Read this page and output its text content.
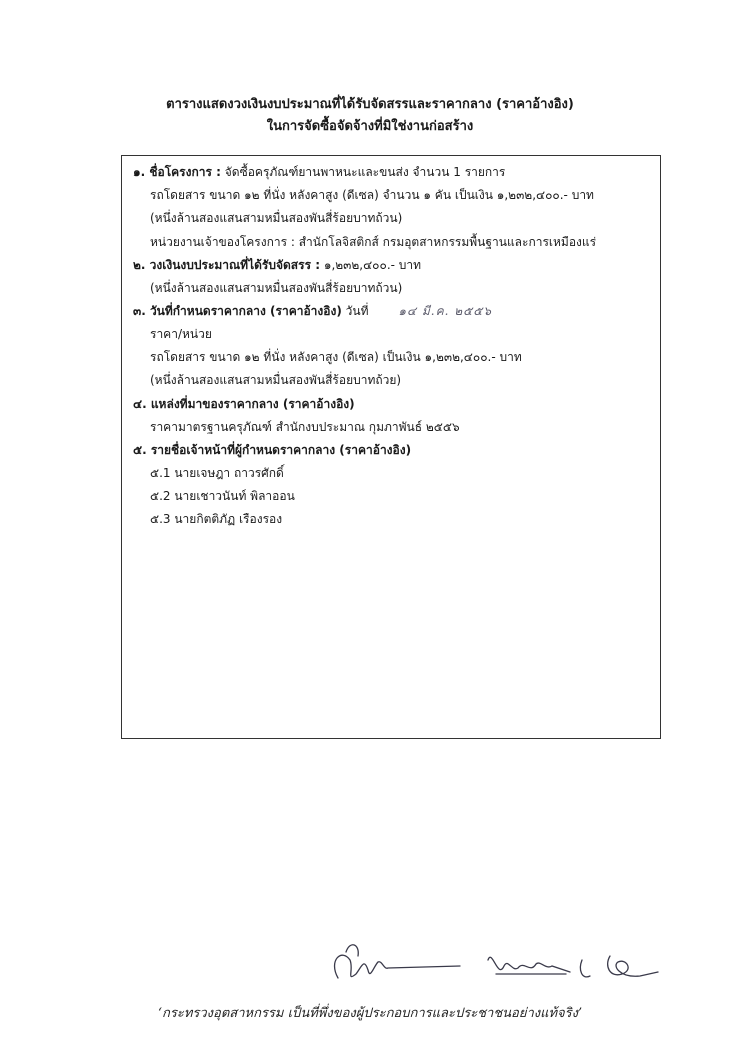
ตารางแสดงวงเงินงบประมาณที่ได้รับจัดสรรและราคากลาง (ราคาอ้างอิง)
ในการจัดซื้อจัดจ้างที่มิใช่งานก่อสร้าง
๑. ชื่อโครงการ : จัดซื้อครุภัณฑ์ยานพาหนะและขนส่ง จำนวน 1 รายการ
รถโดยสาร ขนาด ๑๒ ที่นั่ง หลังคาสูง (ดีเซล) จำนวน ๑ คัน เป็นเงิน ๑,๒๓๒,๔๐๐.- บาท
(หนึ่งล้านสองแสนสามหมื่นสองพันสี่ร้อยบาทถ้วน)
หน่วยงานเจ้าของโครงการ : สำนักโลจิสติกส์ กรมอุตสาหกรรมพื้นฐานและการเหมืองแร่
๒. วงเงินงบประมาณที่ได้รับจัดสรร : ๑,๒๓๒,๔๐๐.- บาท
(หนึ่งล้านสองแสนสามหมื่นสองพันสี่ร้อยบาทถ้วน)
๓. วันที่กำหนดราคากลาง (ราคาอ้างอิง) วันที่ ๑๔ มี.ค. ๒๕๕๖
ราคา/หน่วย
รถโดยสาร ขนาด ๑๒ ที่นั่ง หลังคาสูง (ดีเซล) เป็นเงิน ๑,๒๓๒,๔๐๐.- บาท
(หนึ่งล้านสองแสนสามหมื่นสองพันสี่ร้อยบาทถ้วย)
๔. แหล่งที่มาของราคากลาง (ราคาอ้างอิง)
ราคามาตรฐานครุภัณฑ์ สำนักงบประมาณ กุมภาพันธ์ ๒๕๕๖
๕. รายชื่อเจ้าหน้าที่ผู้กำหนดราคากลาง (ราคาอ้างอิง)
๕.1 นายเจษฎา ถาวรศักดิ์
๕.2 นายเชาวนันท์ พิลาออน
๕.3 นายกิตติภัฏ เรืองรอง
‘กระทรวงอุตสาหกรรม เป็นที่พึ่งของผู้ประกอบการและประชาชนอย่างแท้จริง’
